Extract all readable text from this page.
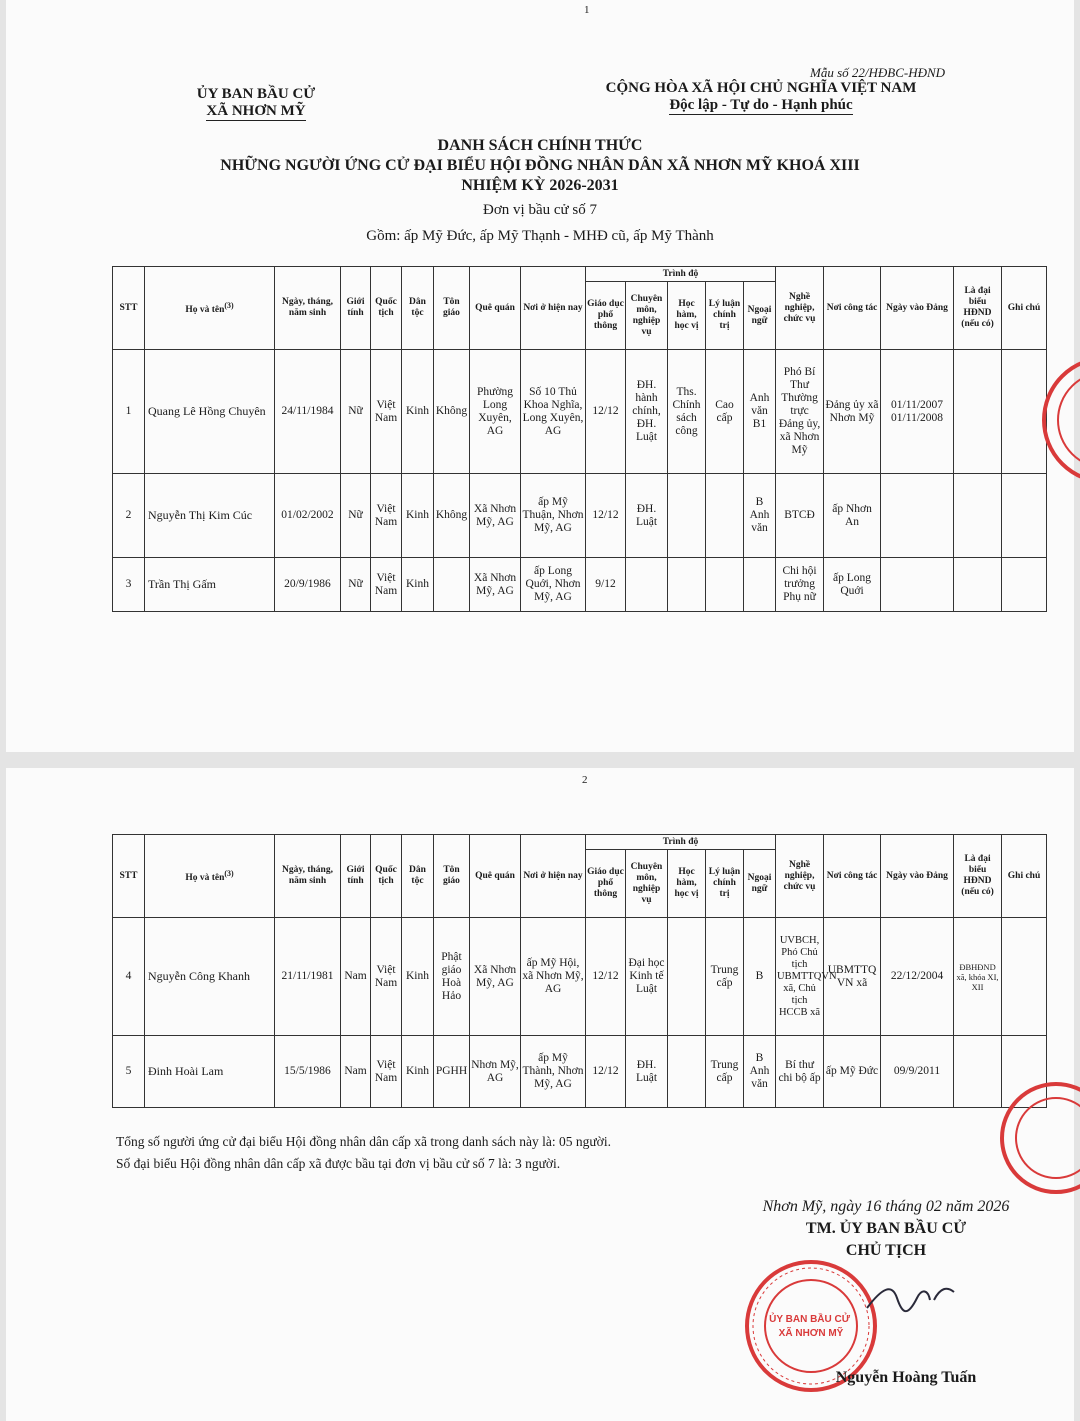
1
Mẫu số 22/HĐBC-HĐND
ỦY BAN BẦU CỬ
XÃ NHƠN MỸ
CỘNG HÒA XÃ HỘI CHỦ NGHĨA VIỆT NAM
Độc lập - Tự do - Hạnh phúc
DANH SÁCH CHÍNH THỨC
NHỮNG NGƯỜI ỨNG CỬ ĐẠI BIỂU HỘI ĐỒNG NHÂN DÂN XÃ NHƠN MỸ KHOÁ XIII
NHIỆM KỲ 2026-2031
Đơn vị bầu cử số 7
Gồm: ấp Mỹ Đức, ấp Mỹ Thạnh - MHĐ cũ, ấp Mỹ Thành
STT	Họ và tên$^{(3)}$	Ngày, tháng, năm sinh	Giới tính	Quốc tịch	Dân tộc	Tôn giáo	Quê quán	Nơi ở hiện nay	Trình độ					Nghề nghiệp, chức vụ	Nơi công tác	Ngày vào Đảng	Là đại biểu HĐND (nếu có)	Ghi chú
									Giáo dục phổ thông	Chuyên môn, nghiệp vụ	Học hàm, học vị	Lý luận chính trị	Ngoại ngữ					
1	Quang Lê Hồng Chuyên	24/11/1984	Nữ	Việt Nam	Kinh	Không	Phường Long Xuyên, AG	Số 10 Thủ Khoa Nghĩa, Long Xuyên, AG	12/12	ĐH. hành chính, ĐH. Luật	Ths. Chính sách công	Cao cấp	Anh văn B1	Phó Bí Thư Thường trực Đảng ủy, xã Nhơn Mỹ	Đảng ủy xã Nhơn Mỹ	01/11/2007 01/11/2008		
2	Nguyễn Thị Kim Cúc	01/02/2002	Nữ	Việt Nam	Kinh	Không	Xã Nhơn Mỹ, AG	ấp Mỹ Thuận, Nhơn Mỹ, AG	12/12	ĐH. Luật			B Anh văn	BTCĐ	ấp Nhơn An			
3	Trần Thị Gấm	20/9/1986	Nữ	Việt Nam	Kinh		Xã Nhơn Mỹ, AG	ấp Long Quới, Nhơn Mỹ, AG	9/12					Chi hội trưởng Phụ nữ	ấp Long Quới			
2
STT	Họ và tên$^{(3)}$	Ngày, tháng, năm sinh	Giới tính	Quốc tịch	Dân tộc	Tôn giáo	Quê quán	Nơi ở hiện nay	Trình độ					Nghề nghiệp, chức vụ	Nơi công tác	Ngày vào Đảng	Là đại biểu HĐND (nếu có)	Ghi chú
									Giáo dục phổ thông	Chuyên môn, nghiệp vụ	Học hàm, học vị	Lý luận chính trị	Ngoại ngữ					
4	Nguyễn Công Khanh	21/11/1981	Nam	Việt Nam	Kinh	Phật giáo Hoà Hảo	Xã Nhơn Mỹ, AG	ấp Mỹ Hội, xã Nhơn Mỹ, AG	12/12	Đại học Kinh tế Luật		Trung cấp	B	UVBCH, Phó Chủ tịch UBMTTQVN xã, Chủ tịch HCCB xã	UBMTTQ VN xã	22/12/2004	ĐBHĐND xã, khóa XI, XII	
5	Đinh Hoài Lam	15/5/1986	Nam	Việt Nam	Kinh	PGHH	Nhơn Mỹ, AG	ấp Mỹ Thành, Nhơn Mỹ, AG	12/12	ĐH. Luật		Trung cấp	B Anh văn	Bí thư chi bộ ấp	ấp Mỹ Đức	09/9/2011		
Tổng số người ứng cử đại biểu Hội đồng nhân dân cấp xã trong danh sách này là: 05 người.
Số đại biểu Hội đồng nhân dân cấp xã được bầu tại đơn vị bầu cử số 7 là: 3 người.
Nhơn Mỹ, ngày 16 tháng 02 năm 2026
TM. ỦY BAN BẦU CỬ
CHỦ TỊCH
ỦY BAN BẦU CỬ XÃ NHƠN MỸ
Nguyễn Hoàng Tuấn
